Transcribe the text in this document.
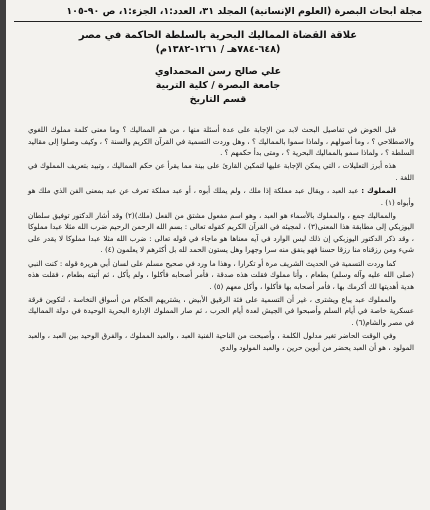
مجلة أبحاث البصرة (العلوم الإنسانية) المجلد ٣١، العدد:١، الجزء:١، ص ٩٠-١٠٥
علاقة القضاة المماليك البحرية بالسلطة الحاكمة في مصر
(٦٤٨-٧٨٤هـ / ١٢٦١-١٣٨٢م)
علي صالح رسن المحمداوي
جامعة البصرة / كلية التربية
قسم التاريخ

قبل الخوض في تفاصيل البحث لابد من الإجابة على عدة أسئلة منها ، من هم المماليك ؟ وما معنى كلمة مملوك اللغوي والاصطلاحي ؟ ، وما أصولهم ، ولماذا سموا بالمماليك ؟ ، وهل وردت التسمية في القرآن الكريم والسنة ؟ ، وكيف وصلوا إلى مقاليد السلطة ؟ ، ولماذا سمو بالمماليك البحرية ؟ ، ومتى بدأ حكمهم ؟ .

هذه أبرز التعليلات ، التي يمكن الإجابة عليها لتمكين القارئ على بينة مما يقرأ عن حكم المماليك ، وتبيد بتعريف المملوك في اللغة .

المملوك : عبد العبد ، ويقال عبد مملكة إذا ملك ، ولم يملك أبوه ، أو عبد مملكة تعرف عن عبد بمعنى الفن الذي ملك هو وأبواه (١) .

والمماليك جمع ، والمملوك بالأسماء هو العبد ، وهو اسم مفعول مشتق من الفعل (ملك)(٢) وقد أشار الدكتور توفيق سلطان اليوزبكي إلى مطابقة هذا المعنى(٣) ، لمجيئه في القرآن الكريم كقوله تعالى : بسم الله الرحمن الرحيم ضرب الله مثلا عبدا مملوكا ، وقد ذكر الدكتور اليوزبكي إن ذلك ليس الوارد في آيه معناها هو ماجاء في قوله تعالى : ضرب الله مثلا عبدا مملوكا لا يقدر على شيء ومن رزقناه منا رزقا حسنا فهو ينفق منه سرا وجهرا وهل يستون الحمد لله بل أكثرهم لا يعلمون (٤) .

كما وردت التسمية في الحديث الشريف مرة أو تكرارا ، وهذا ما ورد في صحيح مسلم على لسان أبي هريرة قوله : كنت النبي (صلى الله عليه وآله وسلم) بطعام ، وأنا مملوك فقلت هذه صدقة ، فأمر أصحابه فأكلوا ، ولم يأكل ، ثم أتيته بطعام ، فقلت هذه هدية أهديتها لك أكرمك بها ، فأمر أصحابه بها فأكلوا ، وأكل معهم (٥) .

والمملوك عبد يباع ويشترى ، غير أن التسمية على فئة الرقيق الأبيض ، يشتريهم الحكام من أسواق النخاسة ، لتكوين فرقة عسكرية خاصة في أيام السلم وأصبحوا في الجيش لعدة أيام الحرب ، ثم صار المملوك الإدارة البحرية الوحيدة في دولة المماليك في مصر والشام(٦) .

وفي الوقت الحاضر تغير مدلول الكلمة ، وأصبحت من الناحية الفنية العبد ، والعبد المملوك ، والفرق الوحيد بين العبد ، والعبد المولود ، هو أن العبد يحضر من أبوين حرين ، والعبد المولود والدي
